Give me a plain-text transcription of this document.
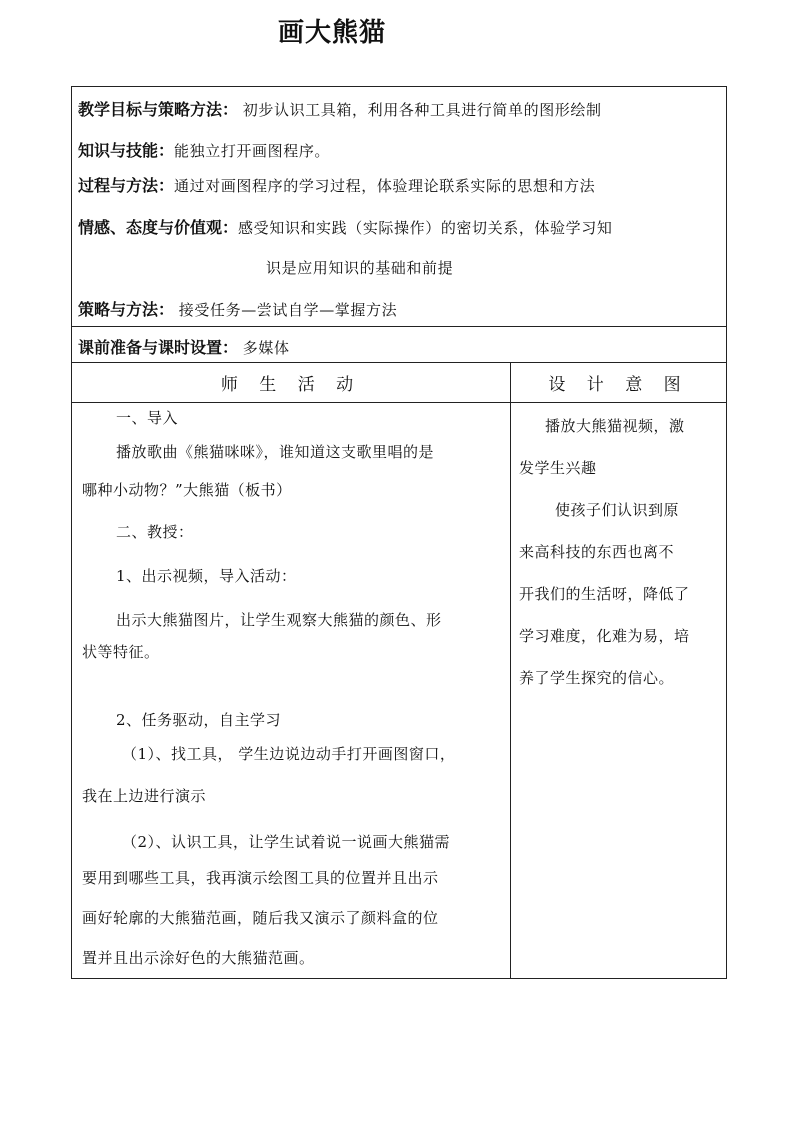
画大熊猫
教学目标与策略方法： 初步认识工具箱，利用各种工具进行简单的图形绘制
知识与技能：能独立打开画图程序。
过程与方法：通过对画图程序的学习过程，体验理论联系实际的思想和方法
情感、态度与价值观：感受知识和实践（实际操作）的密切关系，体验学习知
识是应用知识的基础和前提
策略与方法： 接受任务—尝试自学—掌握方法
课前准备与课时设置： 多媒体
师 生 活 动	设 计 意 图
一、导入
播放歌曲《熊猫咪咪》，谁知道这支歌里唱的是
哪种小动物？”大熊猫（板书）
二、教授：
1、出示视频，导入活动：
出示大熊猫图片，让学生观察大熊猫的颜色、形
状等特征。
2、任务驱动，自主学习
（1）、找工具， 学生边说边动手打开画图窗口，
我在上边进行演示
（2）、认识工具，让学生试着说一说画大熊猫需
要用到哪些工具，我再演示绘图工具的位置并且出示
画好轮廓的大熊猫范画，随后我又演示了颜料盒的位
置并且出示涂好色的大熊猫范画。
播放大熊猫视频，激
发学生兴趣
使孩子们认识到原
来高科技的东西也离不
开我们的生活呀，降低了
学习难度，化难为易，培
养了学生探究的信心。
